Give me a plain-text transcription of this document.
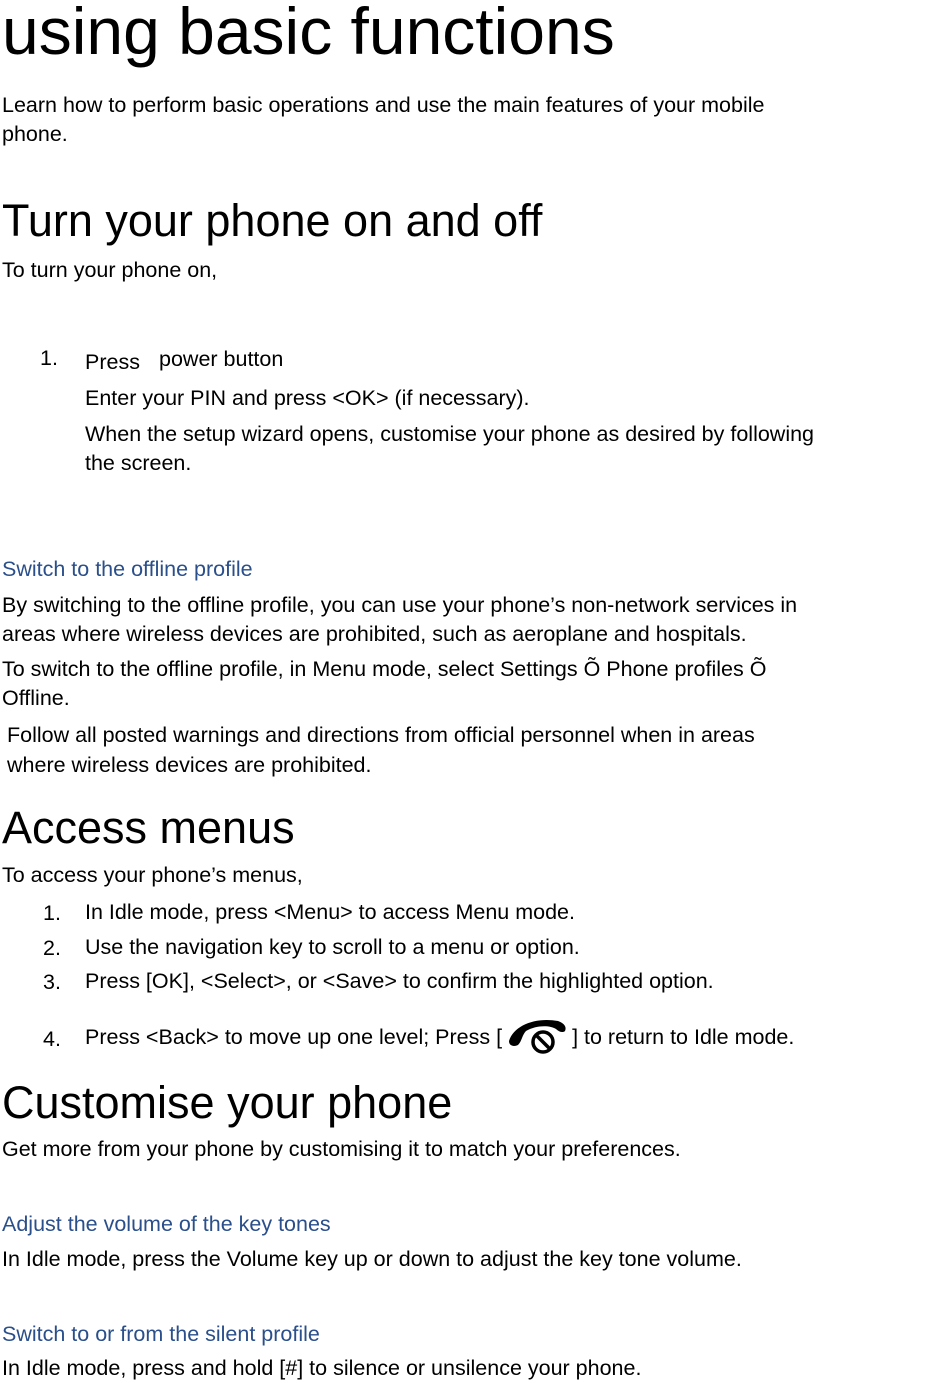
using basic functions
Learn how to perform basic operations and use the main features of your mobile
phone.
Turn your phone on and off
To turn your phone on,
1. Press power button
Enter your PIN and press <OK> (if necessary).
When the setup wizard opens, customise your phone as desired by following
the screen.
Switch to the offline profile
By switching to the offline profile, you can use your phone’s non-network services in
areas where wireless devices are prohibited, such as aeroplane and hospitals.
To switch to the offline profile, in Menu mode, select Settings Õ Phone profiles Õ
Offline.
Follow all posted warnings and directions from official personnel when in areas
where wireless devices are prohibited.
Access menus
To access your phone’s menus,
1. In Idle mode, press <Menu> to access Menu mode.
2. Use the navigation key to scroll to a menu or option.
3. Press [OK], <Select>, or <Save> to confirm the highlighted option.
4. Press <Back> to move up one level; Press [	] to return to Idle mode.
Customise your phone
Get more from your phone by customising it to match your preferences.
Adjust the volume of the key tones
In Idle mode, press the Volume key up or down to adjust the key tone volume.
Switch to or from the silent profile
In Idle mode, press and hold [#] to silence or unsilence your phone.
